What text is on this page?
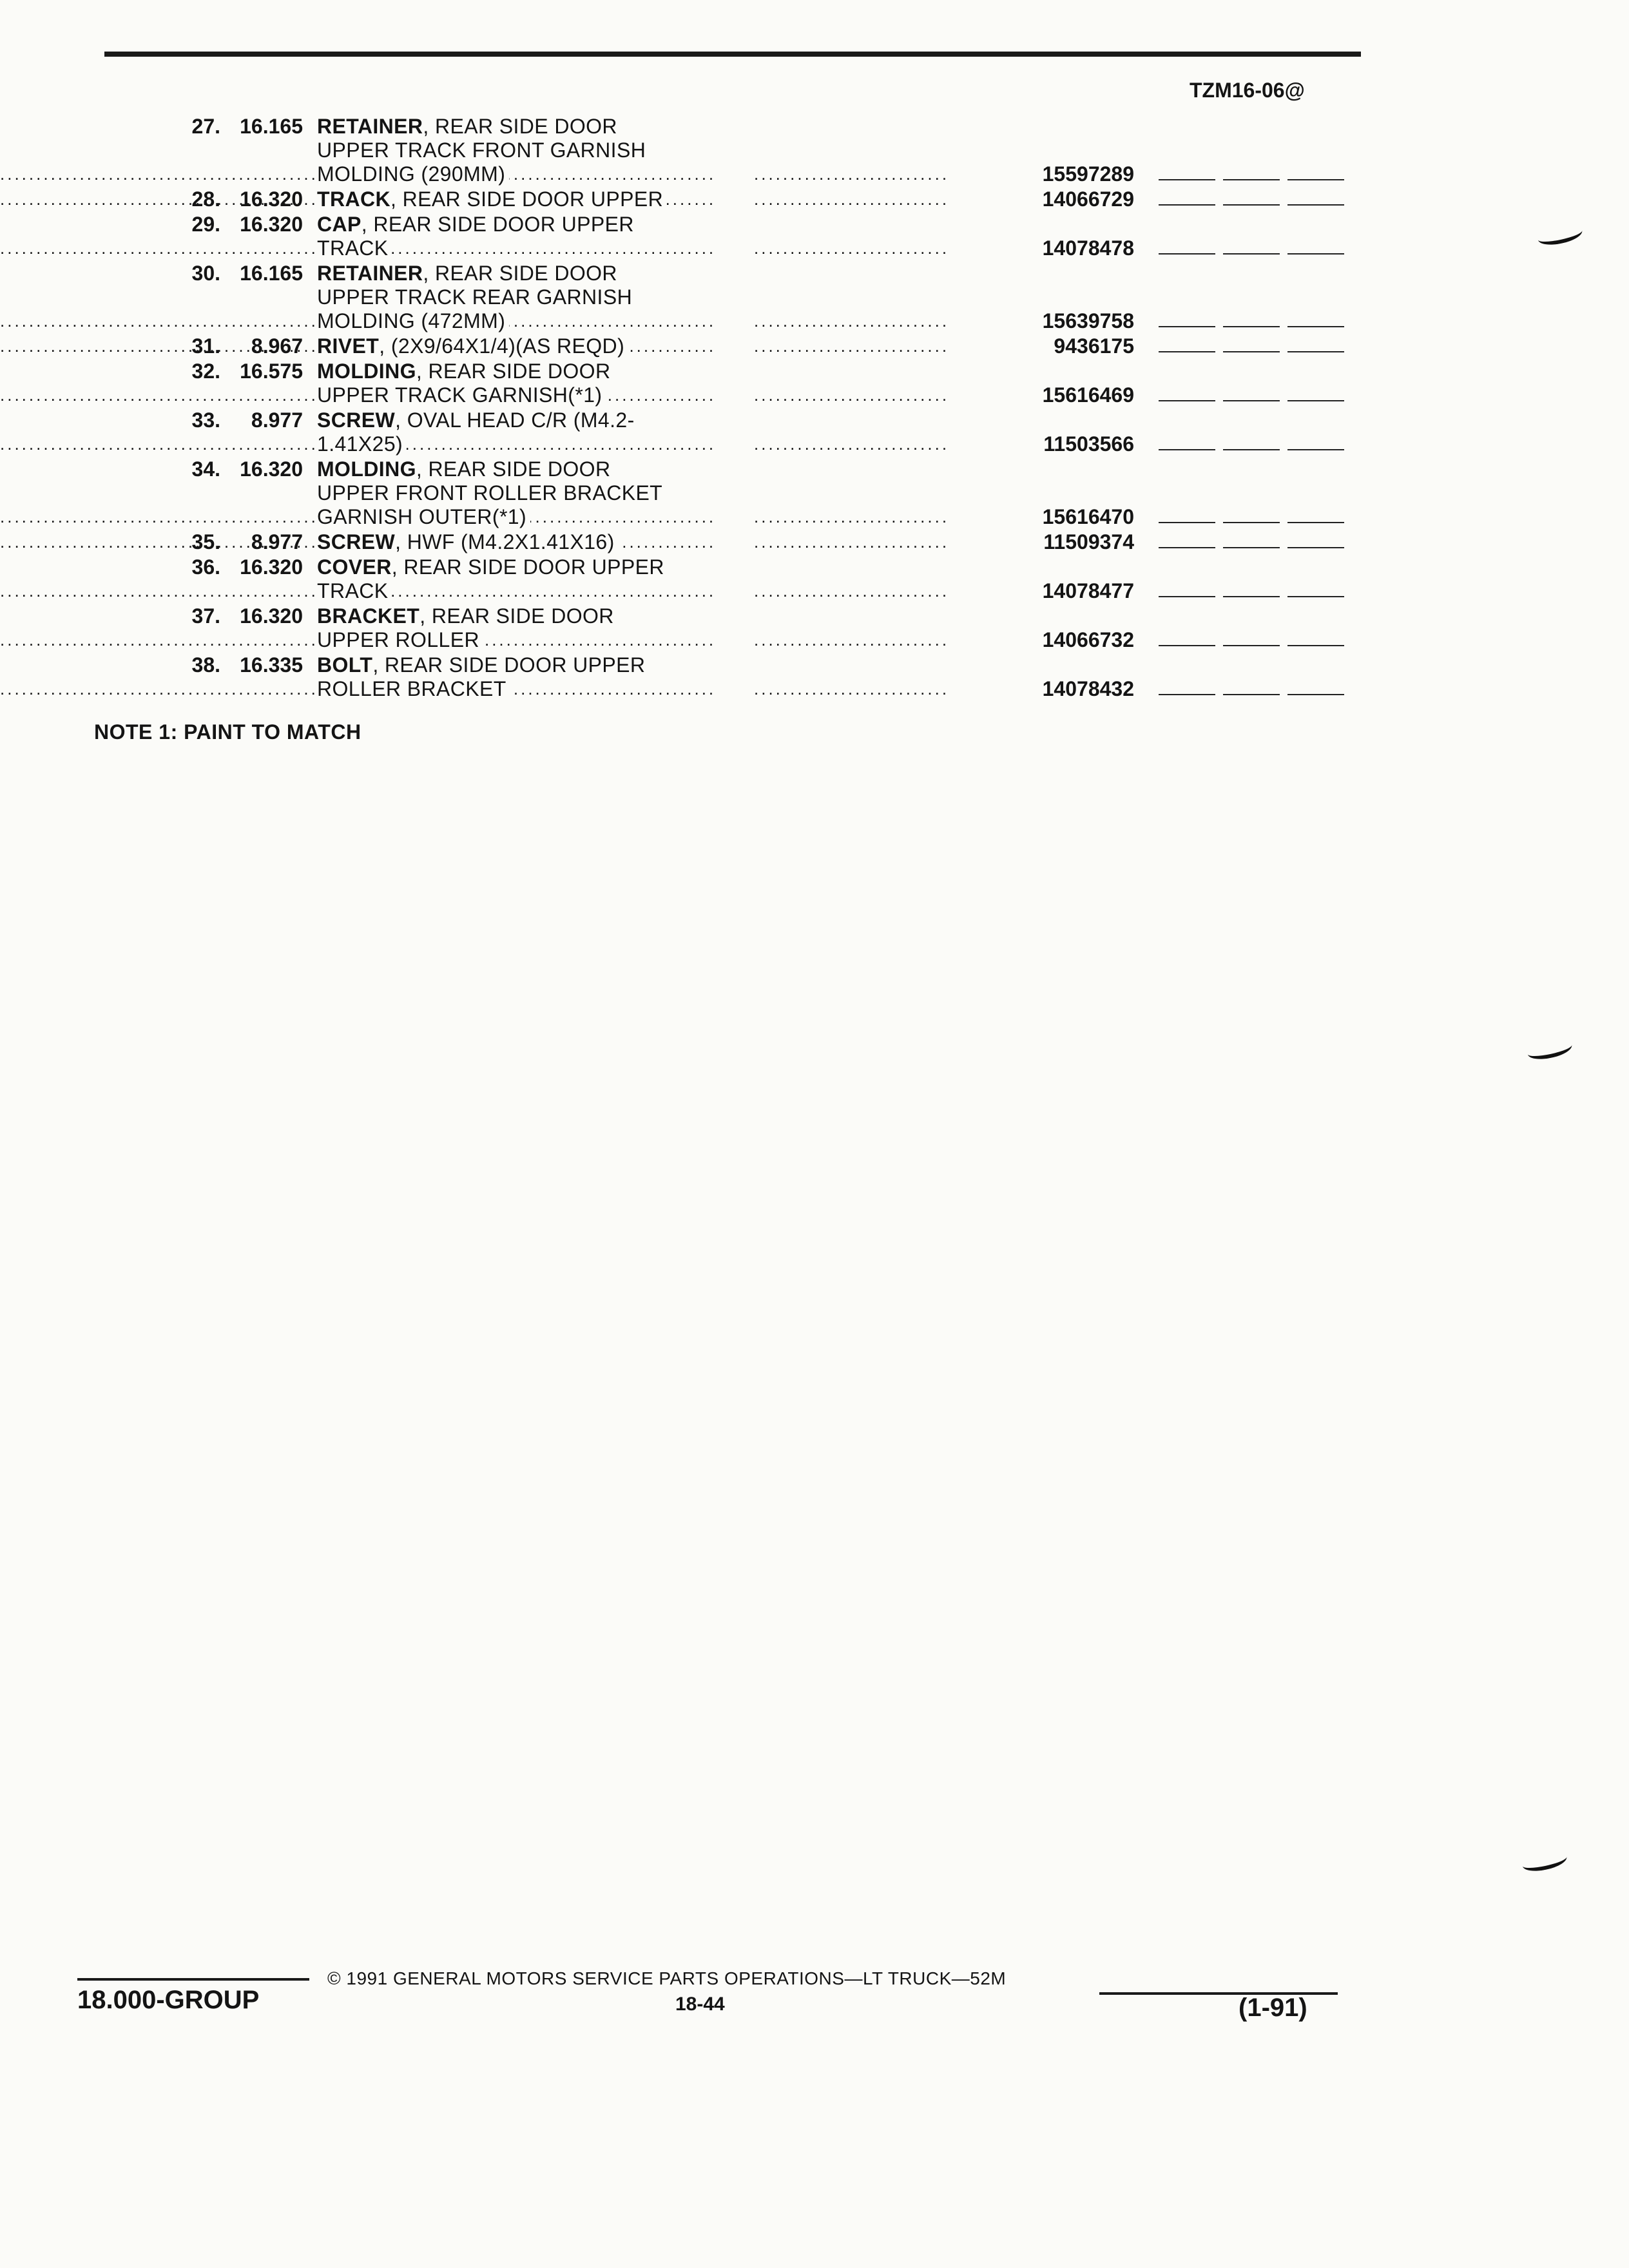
TZM16-06@
27. 16.165 RETAINER, REAR SIDE DOOR
UPPER TRACK FRONT GARNISH
.....
.....
MOLDING (290MM)	15597289
.....
.....
28. 16.320 TRACK, REAR SIDE DOOR UPPER	14066729
29. 16.320 CAP, REAR SIDE DOOR UPPER
.....
.....
TRACK	14078478
30. 16.165 RETAINER, REAR SIDE DOOR
UPPER TRACK REAR GARNISH
.....
.....
MOLDING (472MM)	15639758
.....
.....
31.	8.967 RIVET, (2X9/64X1/4)(AS REQD)	9436175
32. 16.575 MOLDING, REAR SIDE DOOR
.....
.....
UPPER TRACK GARNISH(*1)	15616469
33.	8.977 SCREW, OVAL HEAD C/R (M4.2-
.....
.....
1.41X25)	11503566
34. 16.320 MOLDING, REAR SIDE DOOR
UPPER FRONT ROLLER BRACKET
.....
.....
GARNISH OUTER(*1)	15616470
.....
.....
35.	8.977 SCREW, HWF (M4.2X1.41X16)	11509374
36. 16.320 COVER, REAR SIDE DOOR UPPER
.....
.....
TRACK	14078477
37. 16.320 BRACKET, REAR SIDE DOOR
.....
.....
UPPER ROLLER	14066732
38. 16.335 BOLT, REAR SIDE DOOR UPPER
.....
.....
ROLLER BRACKET	14078432
NOTE 1: PAINT TO MATCH
© 1991 GENERAL MOTORS SERVICE PARTS OPERATIONS—LT TRUCK—52M
18.000-GROUP	18-44	(1-91)
